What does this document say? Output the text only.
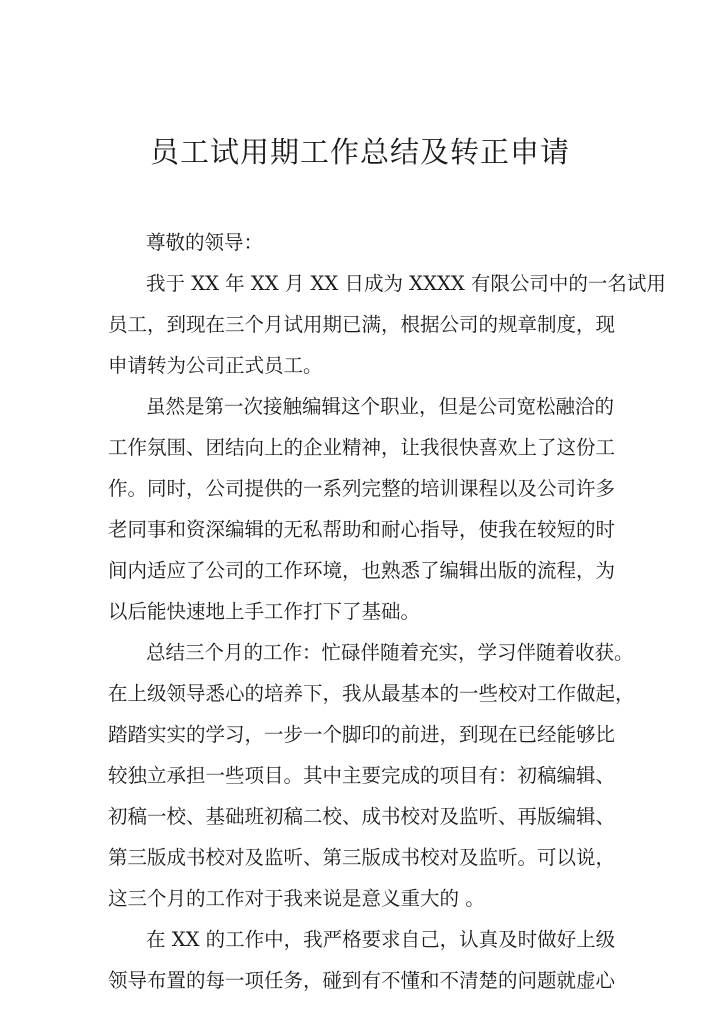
员工试用期工作总结及转正申请
尊敬的领导：
我于 XX 年 XX 月 XX 日成为 XXXX 有限公司中的一名试用
员工，到现在三个月试用期已满，根据公司的规章制度，现
申请转为公司正式员工。
虽然是第一次接触编辑这个职业，但是公司宽松融洽的
工作氛围、团结向上的企业精神，让我很快喜欢上了这份工
作。同时，公司提供的一系列完整的培训课程以及公司许多
老同事和资深编辑的无私帮助和耐心指导，使我在较短的时
间内适应了公司的工作环境，也熟悉了编辑出版的流程，为
以后能快速地上手工作打下了基础。
总结三个月的工作：忙碌伴随着充实，学习伴随着收获。
在上级领导悉心的培养下，我从最基本的一些校对工作做起，
踏踏实实的学习，一步一个脚印的前进，到现在已经能够比
较独立承担一些项目。其中主要完成的项目有：初稿编辑、
初稿一校、基础班初稿二校、成书校对及监听、再版编辑、
第三版成书校对及监听、第三版成书校对及监听。可以说，
这三个月的工作对于我来说是意义重大的 。
在 XX 的工作中，我严格要求自己，认真及时做好上级
领导布置的每一项任务，碰到有不懂和不清楚的问题就虚心
